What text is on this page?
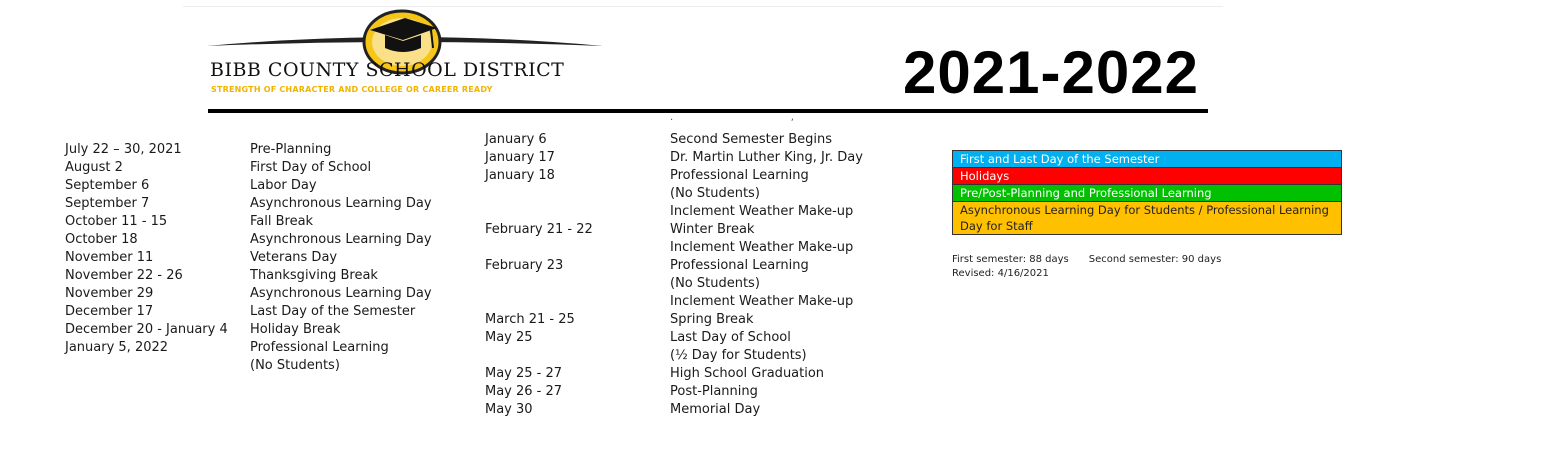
BIBB COUNTY SCHOOL DISTRICT
STRENGTH OF CHARACTER AND COLLEGE OR CAREER READY	2021-2022
.                                     ,
July 22 – 30, 2021
August 2
September 6
September 7
October 11 - 15
October 18
November 11
November 22 - 26
November 29
December 17
December 20 - January 4
January 5, 2022
Pre-Planning
First Day of School
Labor Day
Asynchronous Learning Day
Fall Break
Asynchronous Learning Day
Veterans Day
Thanksgiving Break
Asynchronous Learning Day
Last Day of the Semester
Holiday Break
Professional Learning
(No Students)
January 6
January 17
January 18
February 21 - 22
February 23
March 21 - 25
May 25
May 25 - 27
May 26 - 27
May 30
Second Semester Begins
Dr. Martin Luther King, Jr. Day
Professional Learning
(No Students)
Inclement Weather Make-up
Winter Break
Inclement Weather Make-up
Professional Learning
(No Students)
Inclement Weather Make-up
Spring Break
Last Day of School
(½ Day for Students)
High School Graduation
Post-Planning
Memorial Day
First and Last Day of the Semester
Holidays
Pre/Post-Planning and Professional Learning
Asynchronous Learning Day for Students / Professional Learning Day for Staff
First semester: 88 days Second semester: 90 days
Revised: 4/16/2021
